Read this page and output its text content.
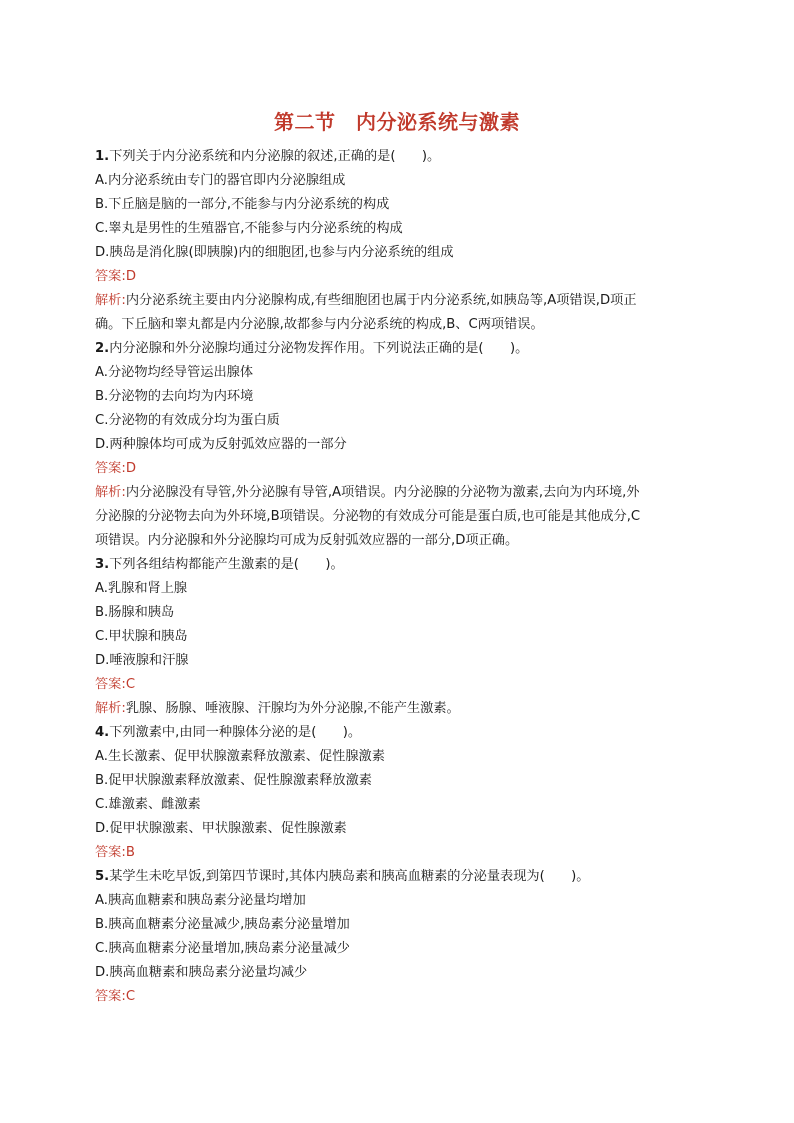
第二节　内分泌系统与激素
1.下列关于内分泌系统和内分泌腺的叙述,正确的是(　　)。
A.内分泌系统由专门的器官即内分泌腺组成
B.下丘脑是脑的一部分,不能参与内分泌系统的构成
C.睾丸是男性的生殖器官,不能参与内分泌系统的构成
D.胰岛是消化腺(即胰腺)内的细胞团,也参与内分泌系统的组成
答案:D
解析:内分泌系统主要由内分泌腺构成,有些细胞团也属于内分泌系统,如胰岛等,A项错误,D项正
确。下丘脑和睾丸都是内分泌腺,故都参与内分泌系统的构成,B、C两项错误。
2.内分泌腺和外分泌腺均通过分泌物发挥作用。下列说法正确的是(　　)。
A.分泌物均经导管运出腺体
B.分泌物的去向均为内环境
C.分泌物的有效成分均为蛋白质
D.两种腺体均可成为反射弧效应器的一部分
答案:D
解析:内分泌腺没有导管,外分泌腺有导管,A项错误。内分泌腺的分泌物为激素,去向为内环境,外
分泌腺的分泌物去向为外环境,B项错误。分泌物的有效成分可能是蛋白质,也可能是其他成分,C
项错误。内分泌腺和外分泌腺均可成为反射弧效应器的一部分,D项正确。
3.下列各组结构都能产生激素的是(　　)。
A.乳腺和肾上腺
B.肠腺和胰岛
C.甲状腺和胰岛
D.唾液腺和汗腺
答案:C
解析:乳腺、肠腺、唾液腺、汗腺均为外分泌腺,不能产生激素。
4.下列激素中,由同一种腺体分泌的是(　　)。
A.生长激素、促甲状腺激素释放激素、促性腺激素
B.促甲状腺激素释放激素、促性腺激素释放激素
C.雄激素、雌激素
D.促甲状腺激素、甲状腺激素、促性腺激素
答案:B
5.某学生未吃早饭,到第四节课时,其体内胰岛素和胰高血糖素的分泌量表现为(　　)。
A.胰高血糖素和胰岛素分泌量均增加
B.胰高血糖素分泌量减少,胰岛素分泌量增加
C.胰高血糖素分泌量增加,胰岛素分泌量减少
D.胰高血糖素和胰岛素分泌量均减少
答案:C
